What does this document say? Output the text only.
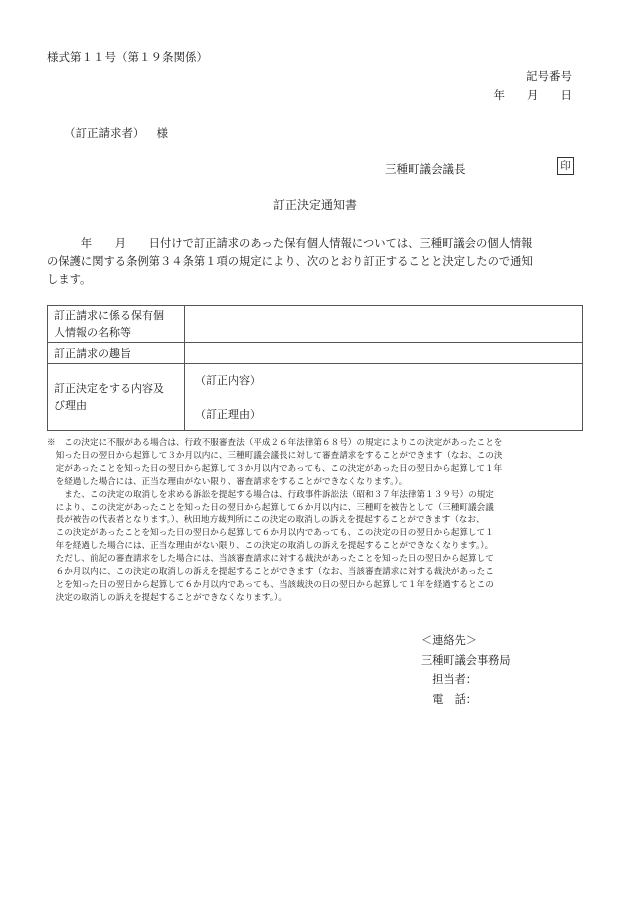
様式第１１号（第１９条関係）
記号番号
年 月 日
（訂正請求者） 様
三種町議会議長	印
訂正決定通知書
　　　年　　月　　日付けで訂正請求のあった保有個人情報については、三種町議会の個人情報
の保護に関する条例第３４条第１項の規定により、次のとおり訂正することと決定したので通知
します。
訂正請求に係る保有個
人情報の名称等	
訂正請求の趣旨	
訂正決定をする内容及
び理由	（訂正内容）

（訂正理由）
※　この決定に不服がある場合は、行政不服審査法（平成２６年法律第６８号）の規定によりこの決定があったことを
　知った日の翌日から起算して３か月以内に、三種町議会議長に対して審査請求をすることができます（なお、この決
　定があったことを知った日の翌日から起算して３か月以内であっても、この決定があった日の翌日から起算して１年
　を経過した場合には、正当な理由がない限り、審査請求をすることができなくなります。）。
　　また、この決定の取消しを求める訴訟を提起する場合は、行政事件訴訟法（昭和３７年法律第１３９号）の規定
　により、この決定があったことを知った日の翌日から起算して６か月以内に、三種町を被告として（三種町議会議
　長が被告の代表者となります。）、秋田地方裁判所にこの決定の取消しの訴えを提起することができます（なお、
　この決定があったことを知った日の翌日から起算して６か月以内であっても、この決定の日の翌日から起算して１
　年を経過した場合には、正当な理由がない限り、この決定の取消しの訴えを提起することができなくなります。）。
　ただし、前記の審査請求をした場合には、当該審査請求に対する裁決があったことを知った日の翌日から起算して
　６か月以内に、この決定の取消しの訴えを提起することができます（なお、当該審査請求に対する裁決があったこ
　とを知った日の翌日から起算して６か月以内であっても、当該裁決の日の翌日から起算して１年を経過するとこの
　決定の取消しの訴えを提起することができなくなります。）。
＜連絡先＞
三種町議会事務局
　担当者：
　電　話：
